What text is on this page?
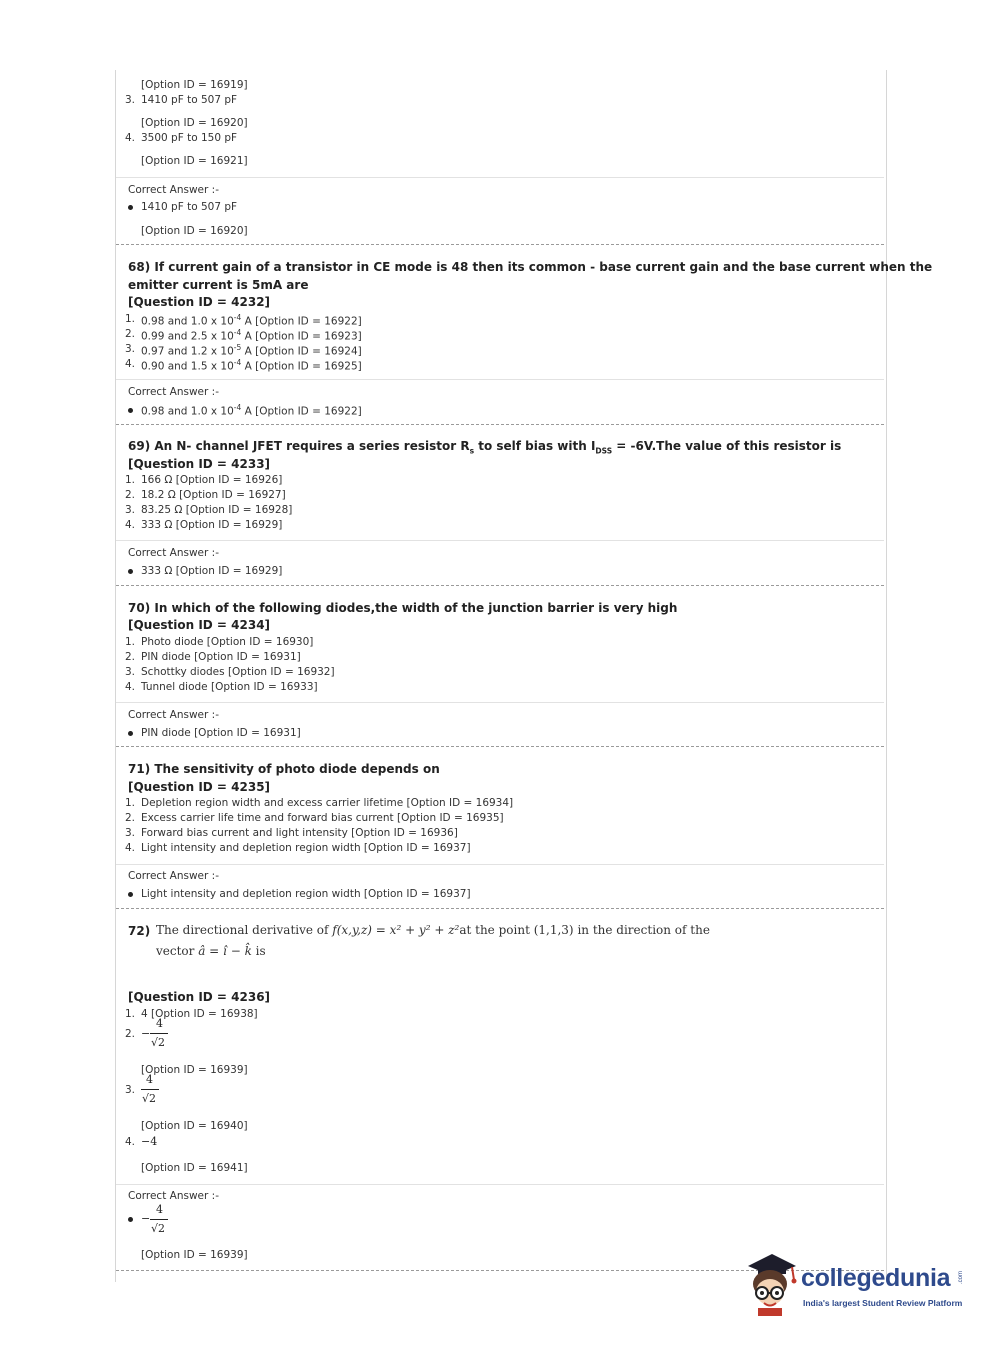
[Option ID = 16919]
3. 1410 pF to 507 pF
[Option ID = 16920]
4. 3500 pF to 150 pF
[Option ID = 16921]
Correct Answer :-
1410 pF to 507 pF
[Option ID = 16920]
68) If current gain of a transistor in CE mode is 48 then its common - base current gain and the base current when the
emitter current is 5mA are
[Question ID = 4232]
1. 0.98 and 1.0 x $10^{-4}$ A [Option ID = 16922]
2. 0.99 and 2.5 x $10^{-4}$ A [Option ID = 16923]
3. 0.97 and 1.2 x $10^{-5}$ A [Option ID = 16924]
4. 0.90 and 1.5 x $10^{-4}$ A [Option ID = 16925]
Correct Answer :-
0.98 and 1.0 x $10^{-4}$ A [Option ID = 16922]
69) An N- channel JFET requires a series resistor $R_s$ to self bias with $I_{DSS} = -6V.The$ value of this resistor is
[Question ID = 4233]
1. 166 Ω [Option ID = 16926]
2. 18.2 Ω [Option ID = 16927]
3. 83.25 Ω [Option ID = 16928]
4. 333 Ω [Option ID = 16929]
Correct Answer :-
333 Ω [Option ID = 16929]
70) In which of the following diodes,the width of the junction barrier is very high
[Question ID = 4234]
1. Photo diode [Option ID = 16930]
2. PIN diode [Option ID = 16931]
3. Schottky diodes [Option ID = 16932]
4. Tunnel diode [Option ID = 16933]
Correct Answer :-
PIN diode [Option ID = 16931]
71) The sensitivity of photo diode depends on
[Question ID = 4235]
1. Depletion region width and excess carrier lifetime [Option ID = 16934]
2. Excess carrier life time and forward bias current [Option ID = 16935]
3. Forward bias current and light intensity [Option ID = 16936]
4. Light intensity and depletion region width [Option ID = 16937]
Correct Answer :-
Light intensity and depletion region width [Option ID = 16937]
72) The directional derivative of f(x,y,z) = x² + y² + z²at the point (1,1,3) in the direction of the
vector â = î − k̂ is
[Question ID = 4236]
1. 4 [Option ID = 16938]
2. −
4
√2
[Option ID = 16939]
3.
4
√2
[Option ID = 16940]
4. −4
[Option ID = 16941]
Correct Answer :-
−
4
√2
[Option ID = 16939]
collegedunia .com
India's largest Student Review Platform
